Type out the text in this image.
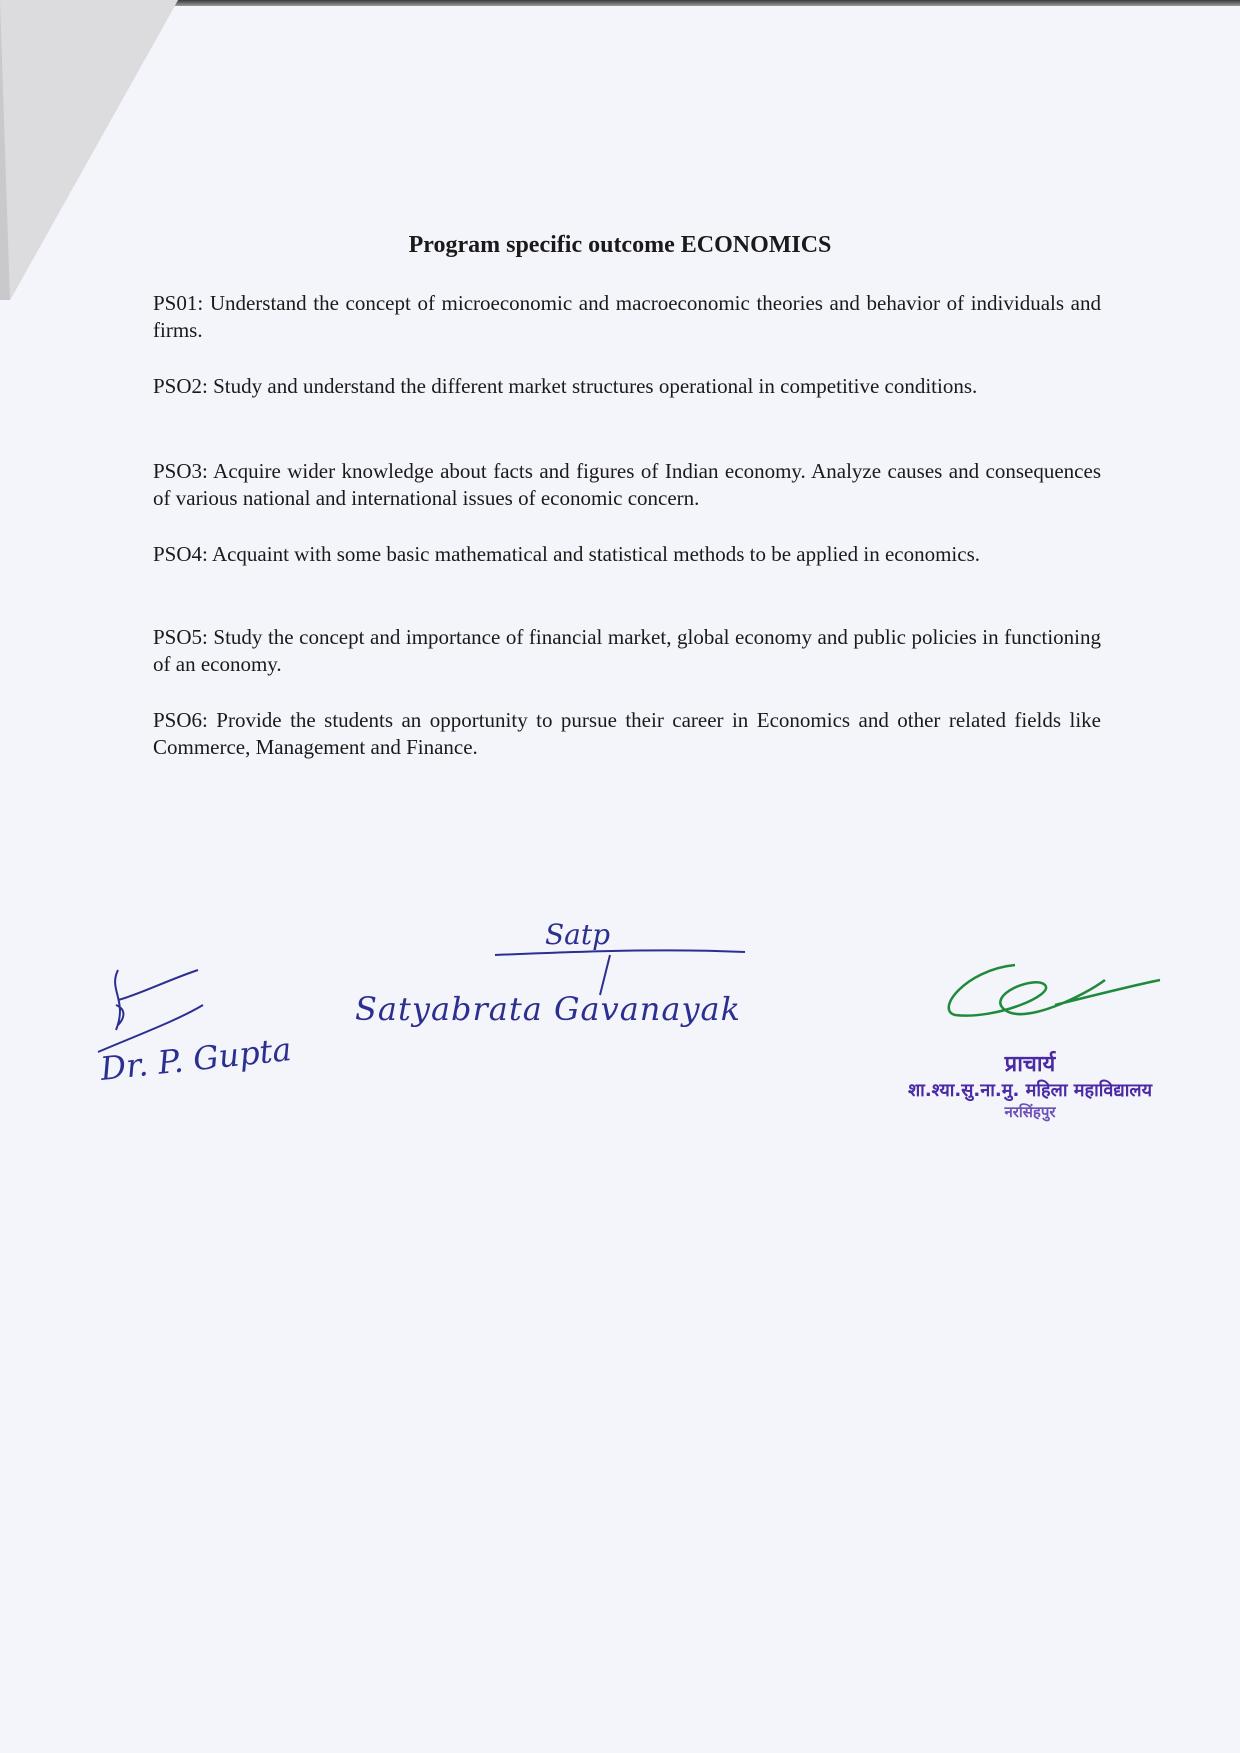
Program specific outcome ECONOMICS
PS01: Understand the concept of microeconomic and macroeconomic theories and behavior of individuals and firms.
PSO2: Study and understand the different market structures operational in competitive conditions.
PSO3: Acquire wider knowledge about facts and figures of Indian economy. Analyze causes and consequences of various national and international issues of economic concern.
PSO4: Acquaint with some basic mathematical and statistical methods to be applied in economics.
PSO5: Study the concept and importance of financial market, global economy and public policies in functioning of an economy.
PSO6: Provide the students an opportunity to pursue their career in Economics and other related fields like Commerce, Management and Finance.
Dr. P. Gupta
Satp
Satyabrata Gavanayak
प्राचार्य
शा.श्या.सु.ना.मु. महिला महाविद्यालय
नरसिंहपुर
